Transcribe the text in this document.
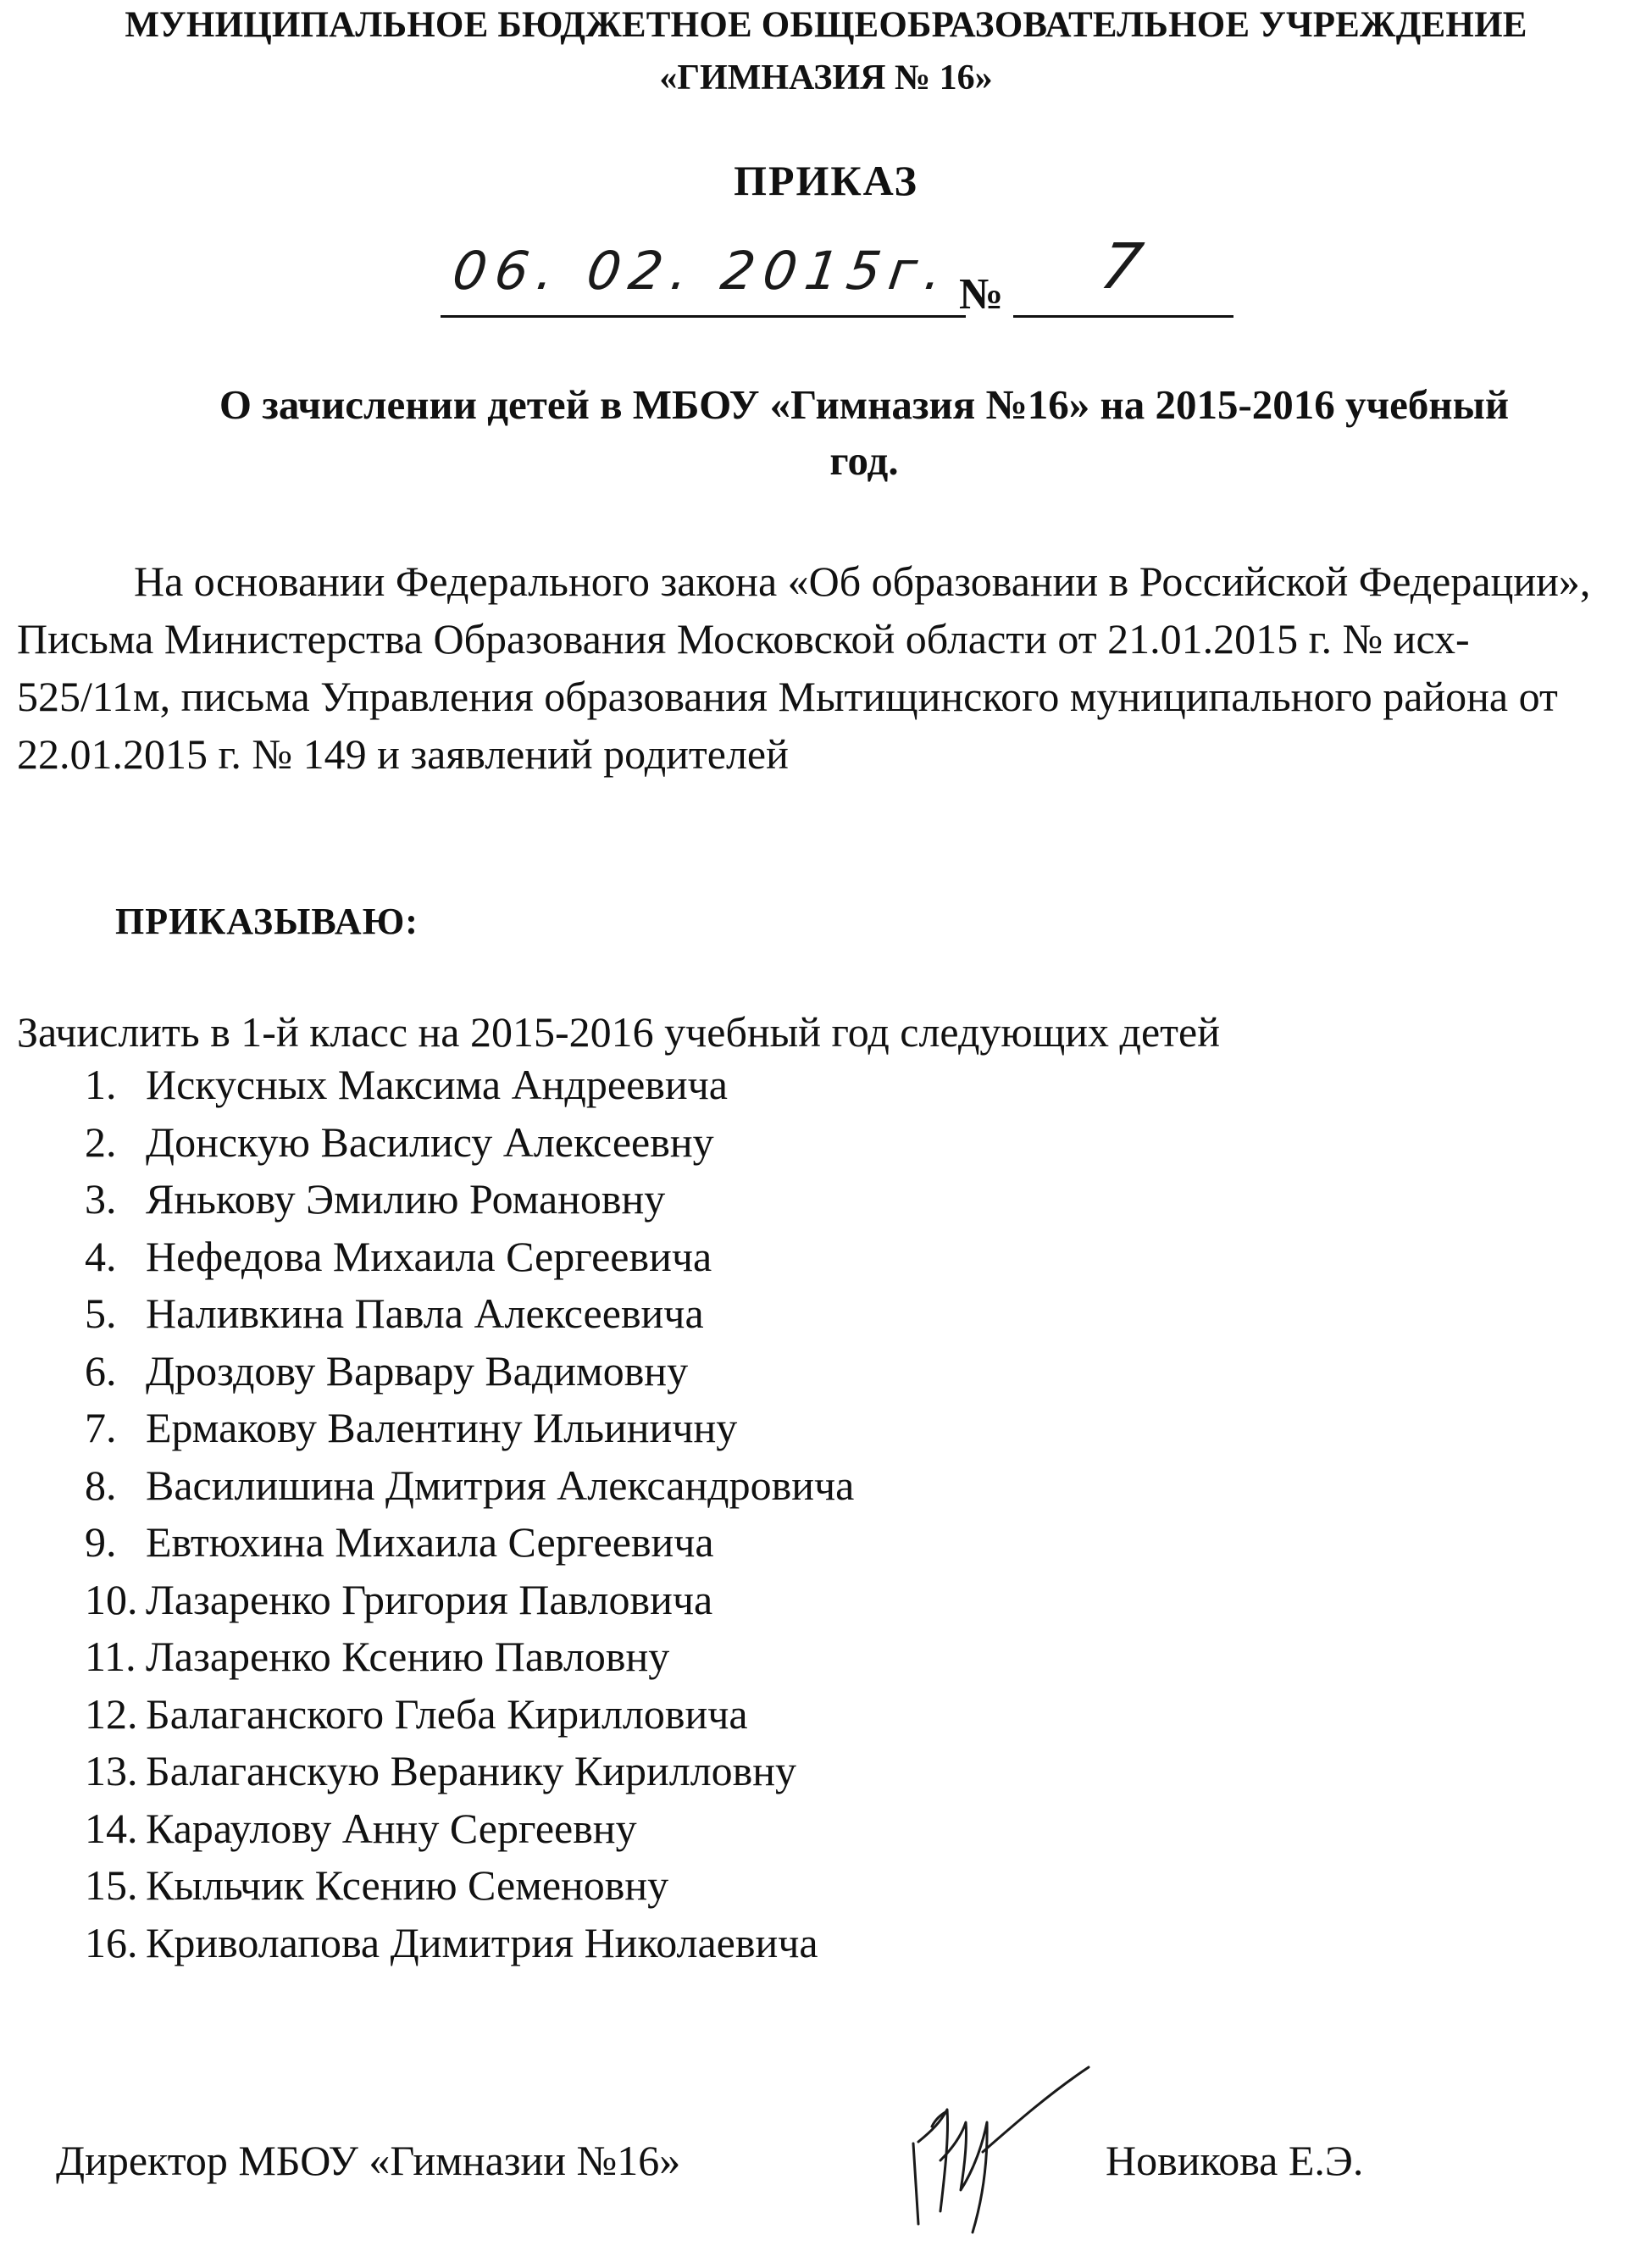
МУНИЦИПАЛЬНОЕ БЮДЖЕТНОЕ ОБЩЕОБРАЗОВАТЕЛЬНОЕ УЧРЕЖДЕНИЕ
«ГИМНАЗИЯ № 16»
ПРИКАЗ
06. 02. 2015г. № 7
О зачислении детей в МБОУ «Гимназия №16» на 2015-2016 учебный год.
На основании Федерального закона «Об образовании в Российской Федерации», Письма Министерства Образования Московской области от 21.01.2015 г. № исх- 525/11м, письма Управления образования Мытищинского муниципального района от 22.01.2015 г. № 149 и заявлений родителей
ПРИКАЗЫВАЮ:
Зачислить в 1-й класс на 2015-2016 учебный год следующих детей
1. Искусных Максима Андреевича
2. Донскую Василису Алексеевну
3. Янькову Эмилию Романовну
4. Нефедова Михаила Сергеевича
5. Наливкина Павла Алексеевича
6. Дроздову Варвару Вадимовну
7. Ермакову Валентину Ильиничну
8. Василишина Дмитрия Александровича
9. Евтюхина Михаила Сергеевича
10. Лазаренко Григория Павловича
11. Лазаренко Ксению Павловну
12. Балаганского Глеба Кирилловича
13. Балаганскую Веранику Кирилловну
14. Караулову Анну Сергеевну
15. Кыльчик Ксению Семеновну
16. Криволапова Димитрия Николаевича
Директор МБОУ «Гимназии №16»	Новикова Е.Э.
